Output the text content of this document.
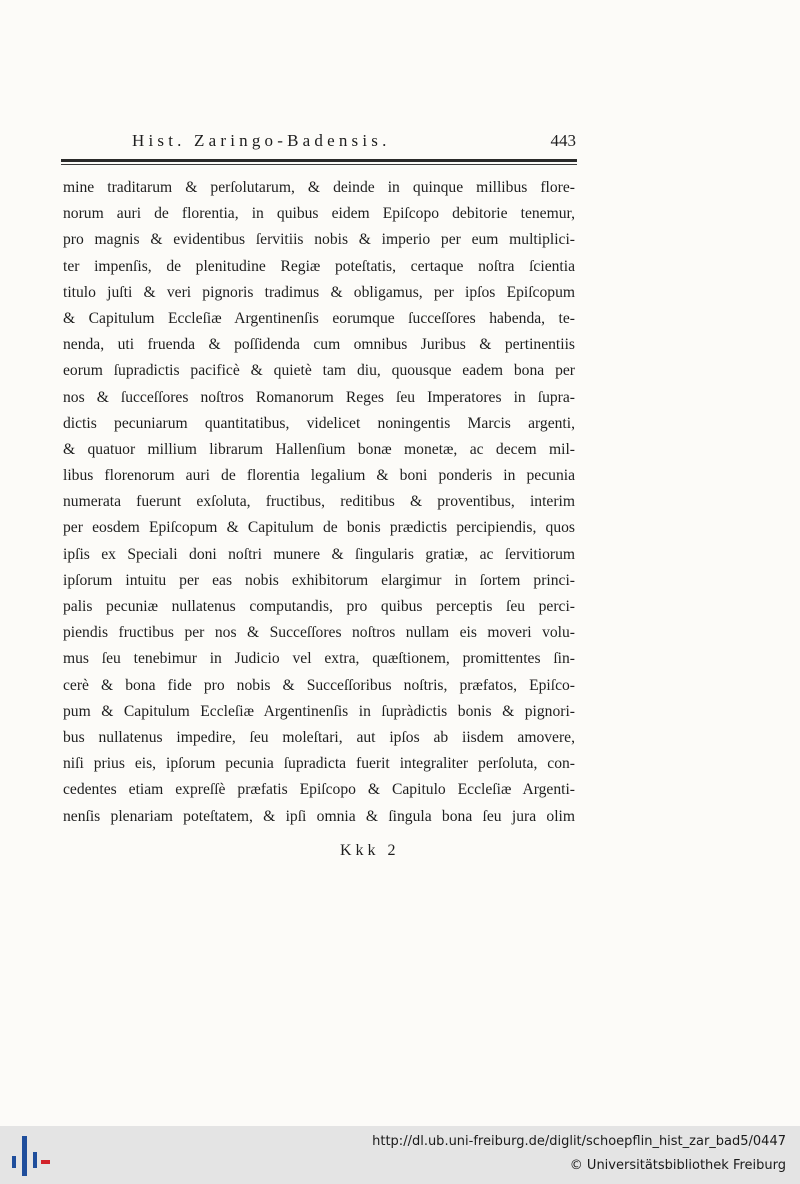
Hist. Zaringo-Badensis.	443
mine traditarum & perſolutarum, & deinde in quinque millibus flore-
norum auri de florentia, in quibus eidem Epiſcopo debitorie tenemur,
pro magnis & evidentibus ſervitiis nobis & imperio per eum multiplici-
ter impenſis, de plenitudine Regiæ poteſtatis, certaque noſtra ſcientia
titulo juſti & veri pignoris tradimus & obligamus, per ipſos Epiſcopum
& Capitulum Eccleſiæ Argentinenſis eorumque ſucceſſores habenda, te-
nenda, uti fruenda & poſſidenda cum omnibus Juribus & pertinentiis
eorum ſupradictis pacificè & quietè tam diu, quousque eadem bona per
nos & ſucceſſores noſtros Romanorum Reges ſeu Imperatores in ſupra-
dictis pecuniarum quantitatibus, videlicet noningentis Marcis argenti,
& quatuor millium librarum Hallenſium bonæ monetæ, ac decem mil-
libus florenorum auri de florentia legalium & boni ponderis in pecunia
numerata fuerunt exſoluta, fructibus, reditibus & proventibus, interim
per eosdem Epiſcopum & Capitulum de bonis prædictis percipiendis, quos
ipſis ex Speciali doni noſtri munere & ſingularis gratiæ, ac ſervitiorum
ipſorum intuitu per eas nobis exhibitorum elargimur in ſortem princi-
palis pecuniæ nullatenus computandis, pro quibus perceptis ſeu perci-
piendis fructibus per nos & Succeſſores noſtros nullam eis moveri volu-
mus ſeu tenebimur in Judicio vel extra, quæſtionem, promittentes ſin-
cerè & bona fide pro nobis & Succeſſoribus noſtris, præfatos, Epiſco-
pum & Capitulum Eccleſiæ Argentinenſis in ſupràdictis bonis & pignori-
bus nullatenus impedire, ſeu moleſtari, aut ipſos ab iisdem amovere,
niſi prius eis, ipſorum pecunia ſupradicta fuerit integraliter perſoluta, con-
cedentes etiam expreſſè præfatis Epiſcopo & Capitulo Eccleſiæ Argenti-
nenſis plenariam poteſtatem, & ipſi omnia & ſingula bona ſeu jura olim
Kkk 2
http://dl.ub.uni-freiburg.de/diglit/schoepflin_hist_zar_bad5/0447
© Universitätsbibliothek Freiburg
